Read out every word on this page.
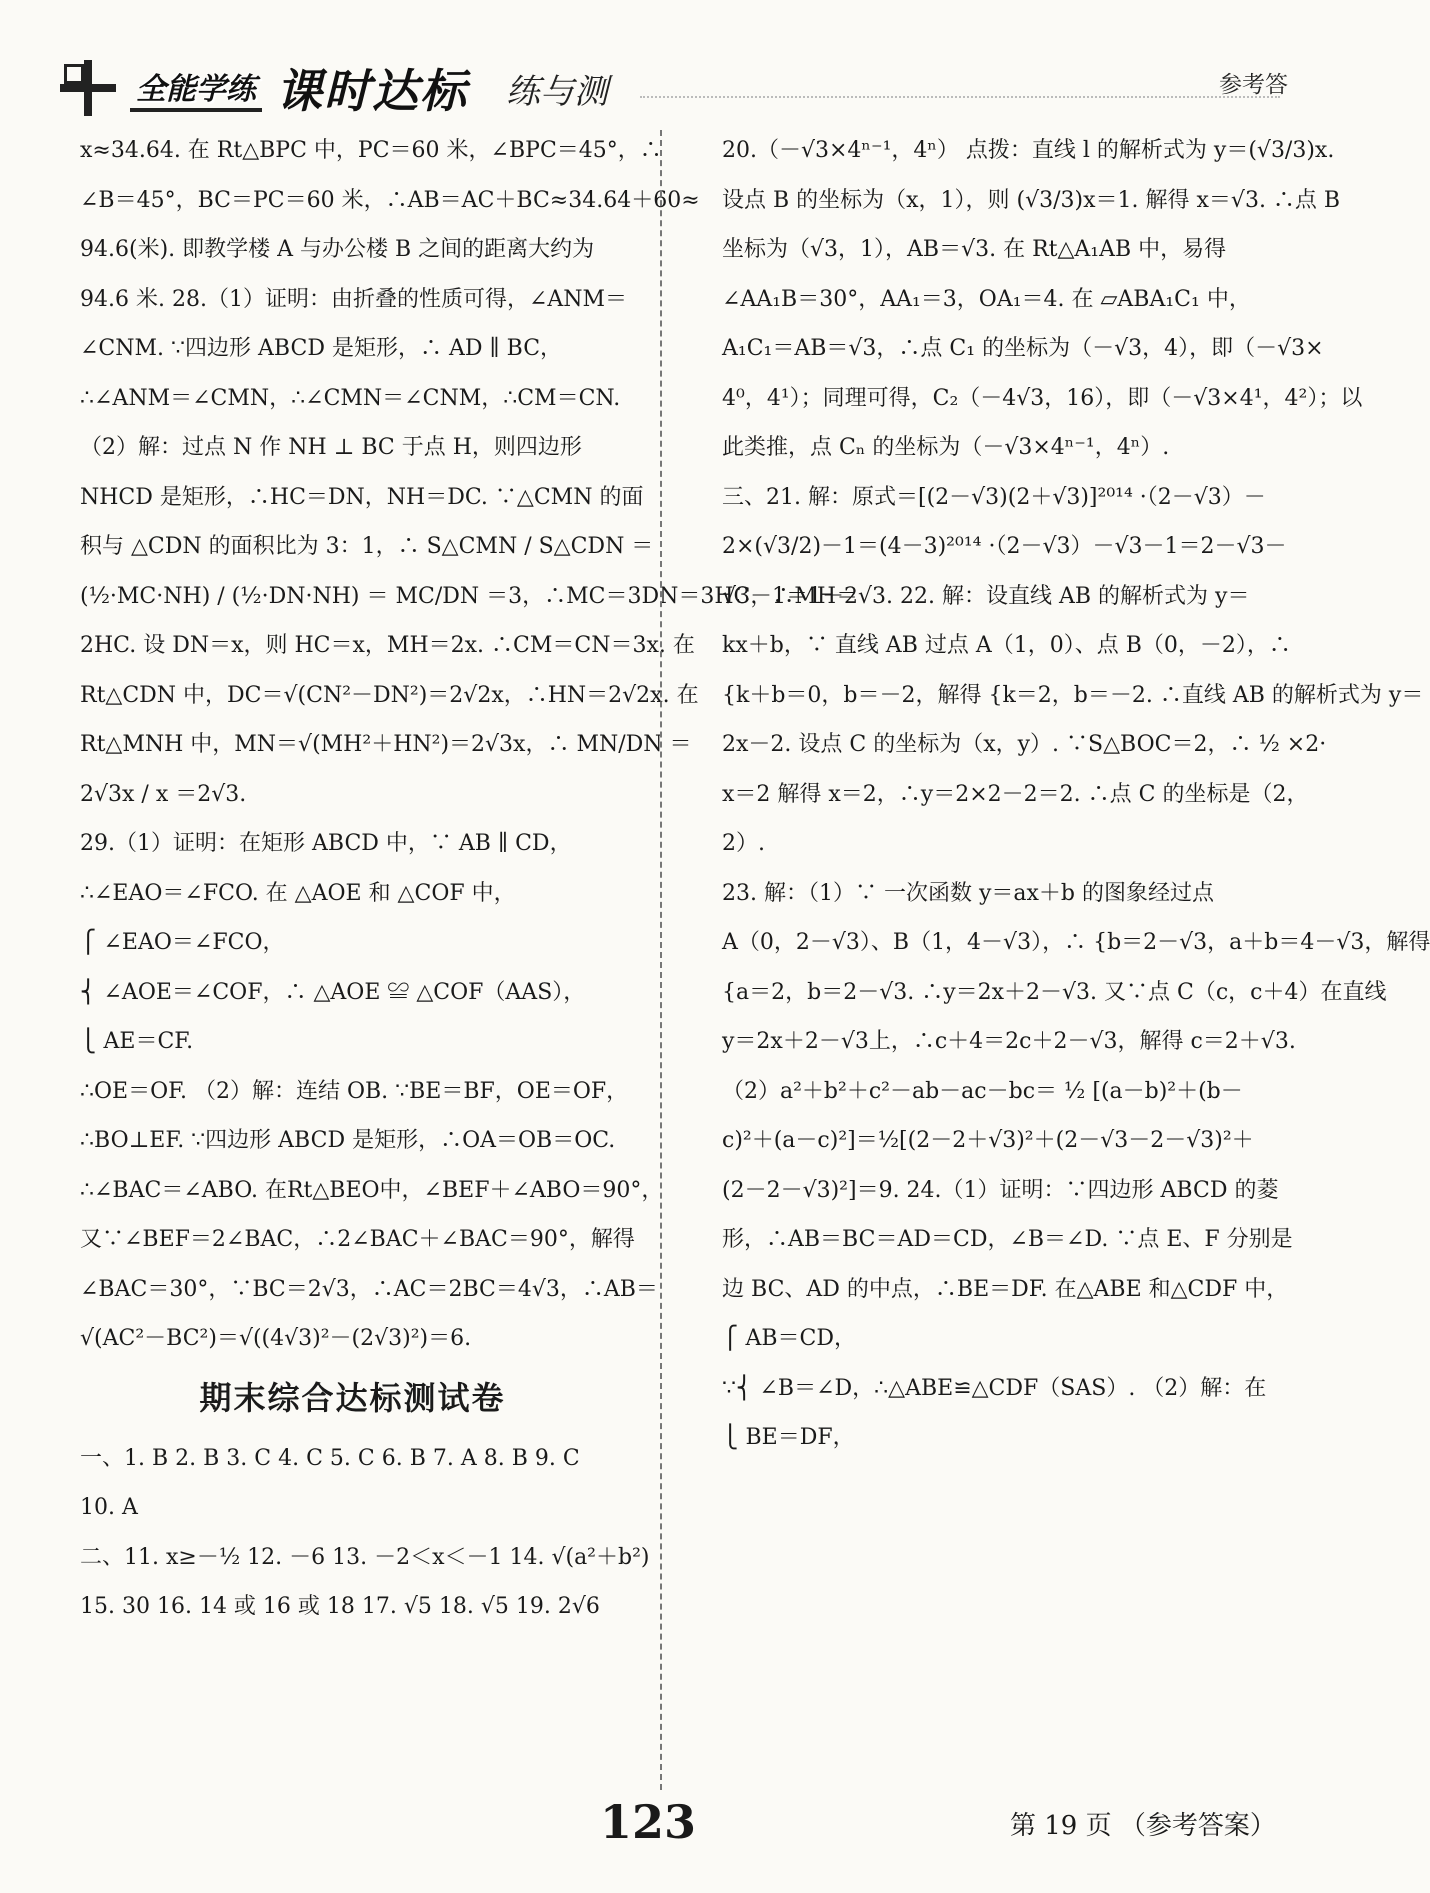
全能学练 课时达标 练与测	参考答

x≈34.64. 在 Rt△BPC 中，PC＝60 米，∠BPC＝45°，∴

∠B＝45°，BC＝PC＝60 米，∴AB＝AC＋BC≈34.64＋60≈

94.6(米). 即教学楼 A 与办公楼 B 之间的距离大约为

94.6 米. 28.（1）证明：由折叠的性质可得，∠ANM＝

∠CNM. ∵四边形 ABCD 是矩形，∴ AD ∥ BC，

∴∠ANM＝∠CMN，∴∠CMN＝∠CNM，∴CM＝CN.

（2）解：过点 N 作 NH ⊥ BC 于点 H，则四边形

NHCD 是矩形，∴HC＝DN，NH＝DC. ∵△CMN 的面

积与 △CDN 的面积比为 3：1，∴ S△CMN / S△CDN ＝

(½·MC·NH) / (½·DN·NH) ＝ MC/DN ＝3，∴MC＝3DN＝3HC，∴MH＝

2HC. 设 DN＝x，则 HC＝x，MH＝2x. ∴CM＝CN＝3x. 在

Rt△CDN 中，DC＝√(CN²－DN²)＝2√2x，∴HN＝2√2x. 在

Rt△MNH 中，MN＝√(MH²＋HN²)＝2√3x，∴ MN/DN ＝

2√3x / x ＝2√3.

29.（1）证明：在矩形 ABCD 中，∵ AB ∥ CD，

∴∠EAO＝∠FCO. 在 △AOE 和 △COF 中，

⎧ ∠EAO＝∠FCO，

⎨ ∠AOE＝∠COF，∴ △AOE ≌ △COF（AAS），

⎩ AE＝CF.

∴OE＝OF. （2）解：连结 OB. ∵BE＝BF，OE＝OF，

∴BO⊥EF. ∵四边形 ABCD 是矩形，∴OA＝OB＝OC.

∴∠BAC＝∠ABO. 在Rt△BEO中，∠BEF＋∠ABO＝90°，

又∵∠BEF＝2∠BAC，∴2∠BAC＋∠BAC＝90°，解得

∠BAC＝30°，∵BC＝2√3，∴AC＝2BC＝4√3，∴AB＝

√(AC²－BC²)＝√((4√3)²－(2√3)²)＝6.

期末综合达标测试卷

一、1. B 2. B 3. C 4. C 5. C 6. B 7. A 8. B 9. C

10. A

二、11. x≥－½ 12. －6 13. －2＜x＜－1 14. √(a²＋b²)

15. 30 16. 14 或 16 或 18 17. √5 18. √5 19. 2√6

20.（－√3×4ⁿ⁻¹，4ⁿ） 点拨：直线 l 的解析式为 y＝(√3/3)x.

设点 B 的坐标为（x，1），则 (√3/3)x＝1. 解得 x＝√3. ∴点 B

坐标为（√3，1），AB＝√3. 在 Rt△A₁AB 中，易得

∠AA₁B＝30°，AA₁＝3，OA₁＝4. 在 ▱ABA₁C₁ 中，

A₁C₁＝AB＝√3，∴点 C₁ 的坐标为（－√3，4），即（－√3×

4⁰，4¹）；同理可得，C₂（－4√3，16），即（－√3×4¹，4²）；以

此类推，点 Cₙ 的坐标为（－√3×4ⁿ⁻¹，4ⁿ）.

三、21. 解：原式＝[(2－√3)(2＋√3)]²⁰¹⁴ ·（2－√3）－

2×(√3/2)－1＝(4－3)²⁰¹⁴ ·（2－√3）－√3－1＝2－√3－

√3－1＝1－2√3. 22. 解：设直线 AB 的解析式为 y＝

kx＋b，∵ 直线 AB 过点 A（1，0）、点 B（0，－2），∴

{k＋b＝0，b＝－2，解得 {k＝2，b＝－2. ∴直线 AB 的解析式为 y＝

2x－2. 设点 C 的坐标为（x，y）. ∵S△BOC＝2，∴ ½ ×2·

x＝2 解得 x＝2，∴y＝2×2－2＝2. ∴点 C 的坐标是（2，

2）.

23. 解：（1）∵ 一次函数 y＝ax＋b 的图象经过点

A（0，2－√3）、B（1，4－√3），∴ {b＝2－√3，a＋b＝4－√3，解得

{a＝2，b＝2－√3. ∴y＝2x＋2－√3. 又∵点 C（c，c＋4）在直线

y＝2x＋2－√3上，∴c＋4＝2c＋2－√3，解得 c＝2＋√3.

（2）a²＋b²＋c²－ab－ac－bc＝ ½ [(a－b)²＋(b－

c)²＋(a－c)²]＝½[(2－2＋√3)²＋(2－√3－2－√3)²＋

(2－2－√3)²]＝9. 24.（1）证明：∵四边形 ABCD 的菱

形，∴AB＝BC＝AD＝CD，∠B＝∠D. ∵点 E、F 分别是

边 BC、AD 的中点，∴BE＝DF. 在△ABE 和△CDF 中，

⎧ AB＝CD，

∵⎨ ∠B＝∠D，∴△ABE≌△CDF（SAS）. （2）解：在

⎩ BE＝DF，

123	第 19 页 （参考答案）
